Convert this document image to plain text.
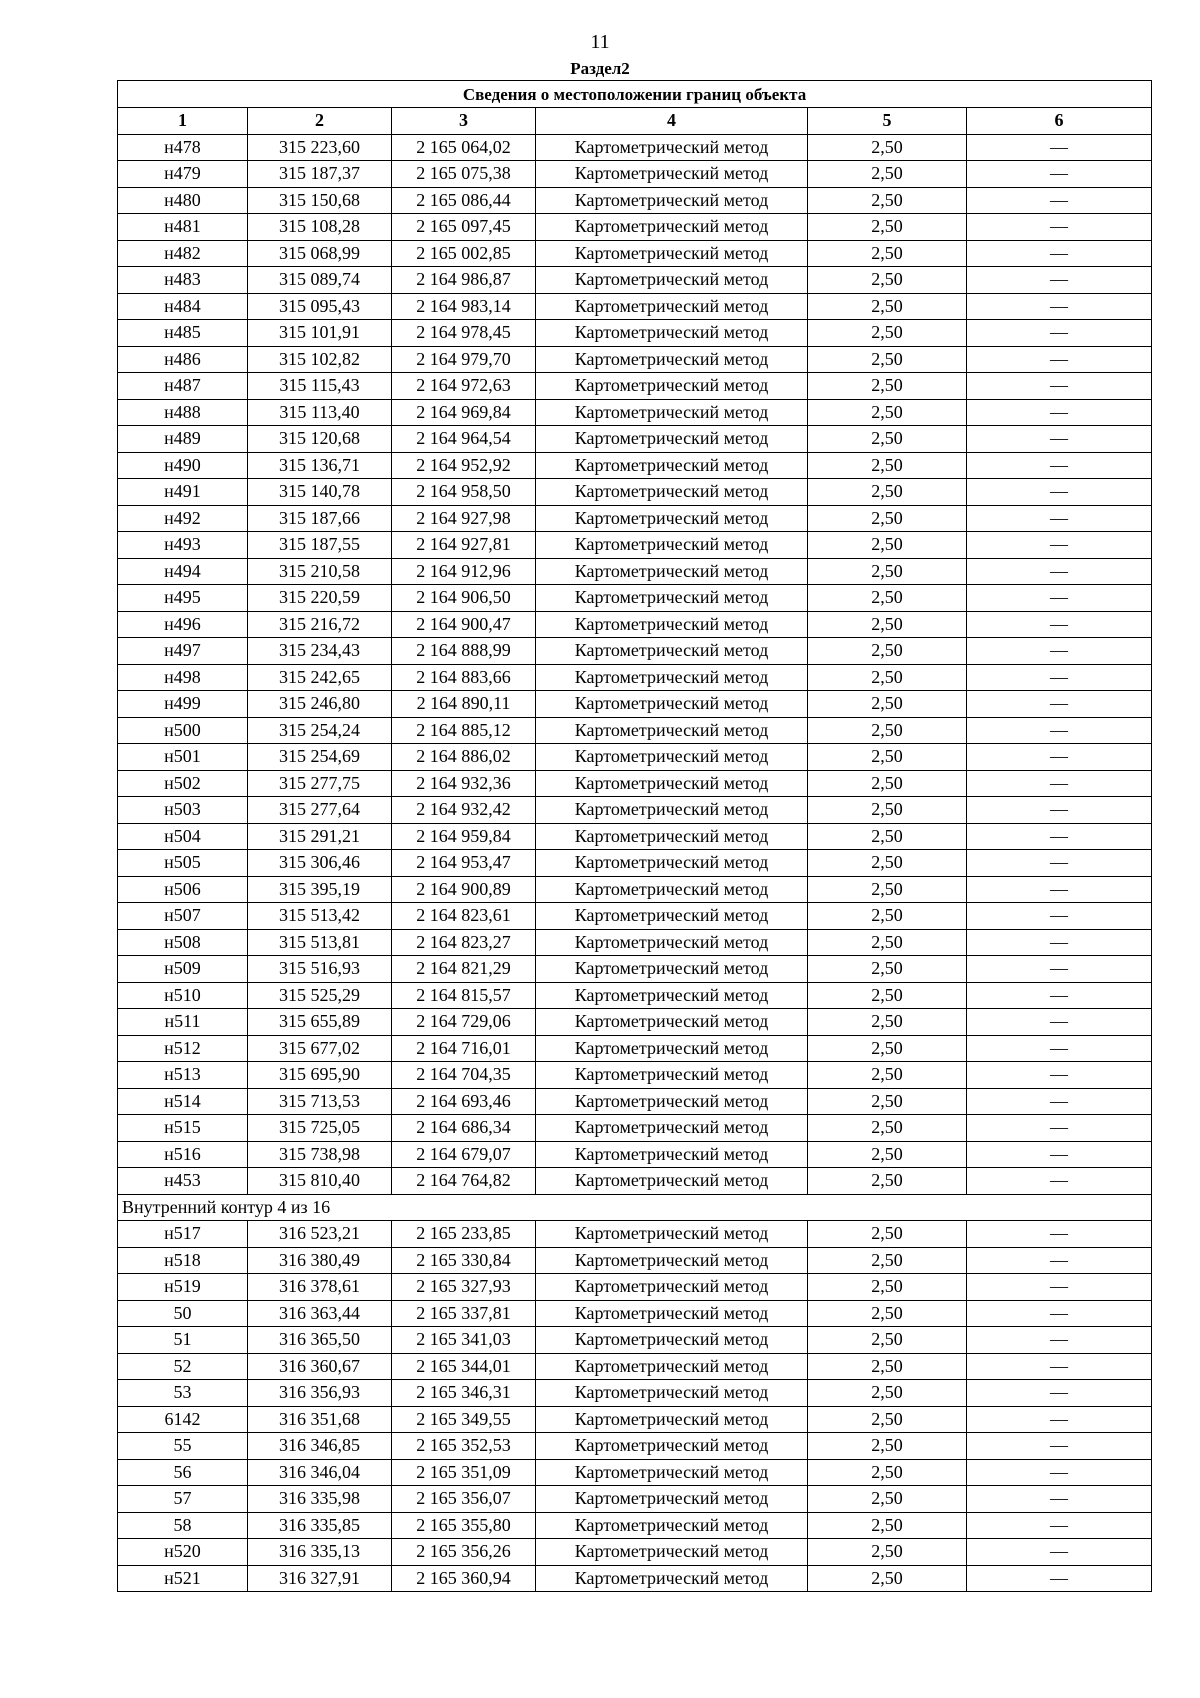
11
Раздел2
Сведения о местоположении границ объекта					
1	2	3	4	5	6
н478	315 223,60	2 165 064,02	Картометрический метод	2,50	—
н479	315 187,37	2 165 075,38	Картометрический метод	2,50	—
н480	315 150,68	2 165 086,44	Картометрический метод	2,50	—
н481	315 108,28	2 165 097,45	Картометрический метод	2,50	—
н482	315 068,99	2 165 002,85	Картометрический метод	2,50	—
н483	315 089,74	2 164 986,87	Картометрический метод	2,50	—
н484	315 095,43	2 164 983,14	Картометрический метод	2,50	—
н485	315 101,91	2 164 978,45	Картометрический метод	2,50	—
н486	315 102,82	2 164 979,70	Картометрический метод	2,50	—
н487	315 115,43	2 164 972,63	Картометрический метод	2,50	—
н488	315 113,40	2 164 969,84	Картометрический метод	2,50	—
н489	315 120,68	2 164 964,54	Картометрический метод	2,50	—
н490	315 136,71	2 164 952,92	Картометрический метод	2,50	—
н491	315 140,78	2 164 958,50	Картометрический метод	2,50	—
н492	315 187,66	2 164 927,98	Картометрический метод	2,50	—
н493	315 187,55	2 164 927,81	Картометрический метод	2,50	—
н494	315 210,58	2 164 912,96	Картометрический метод	2,50	—
н495	315 220,59	2 164 906,50	Картометрический метод	2,50	—
н496	315 216,72	2 164 900,47	Картометрический метод	2,50	—
н497	315 234,43	2 164 888,99	Картометрический метод	2,50	—
н498	315 242,65	2 164 883,66	Картометрический метод	2,50	—
н499	315 246,80	2 164 890,11	Картометрический метод	2,50	—
н500	315 254,24	2 164 885,12	Картометрический метод	2,50	—
н501	315 254,69	2 164 886,02	Картометрический метод	2,50	—
н502	315 277,75	2 164 932,36	Картометрический метод	2,50	—
н503	315 277,64	2 164 932,42	Картометрический метод	2,50	—
н504	315 291,21	2 164 959,84	Картометрический метод	2,50	—
н505	315 306,46	2 164 953,47	Картометрический метод	2,50	—
н506	315 395,19	2 164 900,89	Картометрический метод	2,50	—
н507	315 513,42	2 164 823,61	Картометрический метод	2,50	—
н508	315 513,81	2 164 823,27	Картометрический метод	2,50	—
н509	315 516,93	2 164 821,29	Картометрический метод	2,50	—
н510	315 525,29	2 164 815,57	Картометрический метод	2,50	—
н511	315 655,89	2 164 729,06	Картометрический метод	2,50	—
н512	315 677,02	2 164 716,01	Картометрический метод	2,50	—
н513	315 695,90	2 164 704,35	Картометрический метод	2,50	—
н514	315 713,53	2 164 693,46	Картометрический метод	2,50	—
н515	315 725,05	2 164 686,34	Картометрический метод	2,50	—
н516	315 738,98	2 164 679,07	Картометрический метод	2,50	—
н453	315 810,40	2 164 764,82	Картометрический метод	2,50	—
Внутренний контур 4 из 16					
н517	316 523,21	2 165 233,85	Картометрический метод	2,50	—
н518	316 380,49	2 165 330,84	Картометрический метод	2,50	—
н519	316 378,61	2 165 327,93	Картометрический метод	2,50	—
50	316 363,44	2 165 337,81	Картометрический метод	2,50	—
51	316 365,50	2 165 341,03	Картометрический метод	2,50	—
52	316 360,67	2 165 344,01	Картометрический метод	2,50	—
53	316 356,93	2 165 346,31	Картометрический метод	2,50	—
6142	316 351,68	2 165 349,55	Картометрический метод	2,50	—
55	316 346,85	2 165 352,53	Картометрический метод	2,50	—
56	316 346,04	2 165 351,09	Картометрический метод	2,50	—
57	316 335,98	2 165 356,07	Картометрический метод	2,50	—
58	316 335,85	2 165 355,80	Картометрический метод	2,50	—
н520	316 335,13	2 165 356,26	Картометрический метод	2,50	—
н521	316 327,91	2 165 360,94	Картометрический метод	2,50	—
